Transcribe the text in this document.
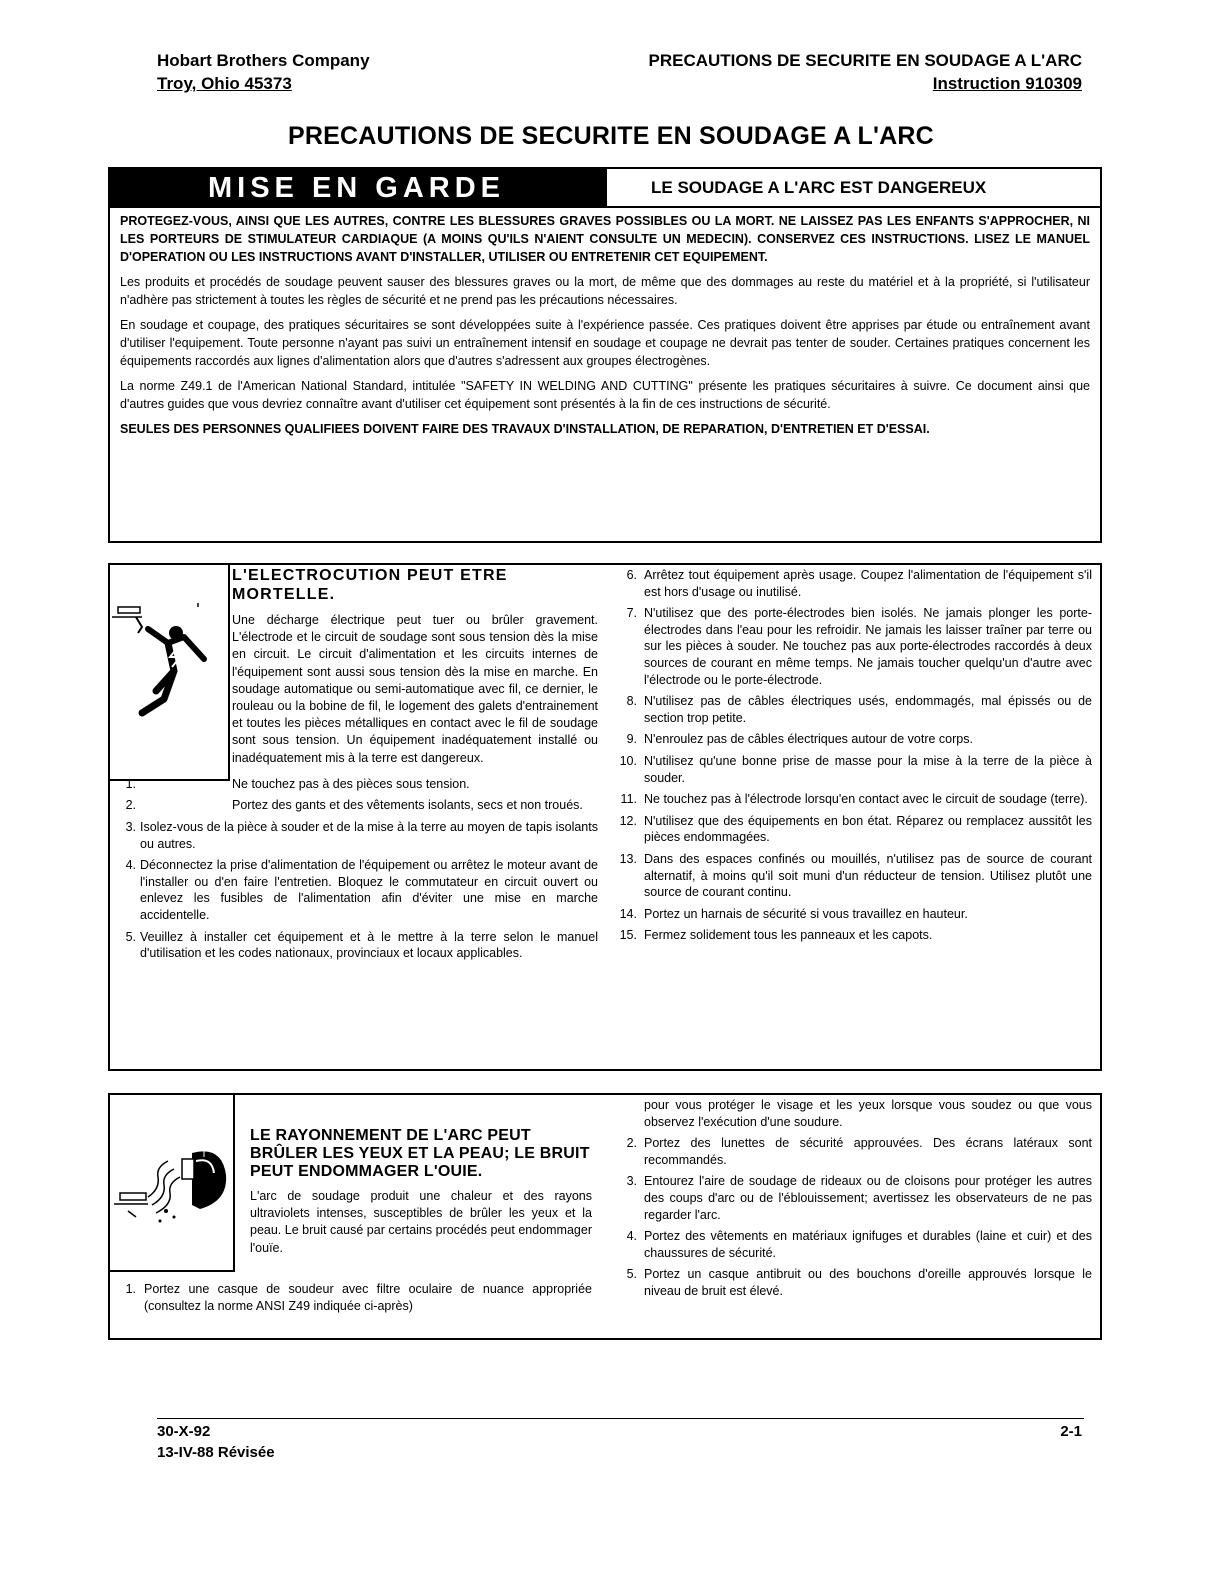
Hobart Brothers Company
Troy, Ohio 45373
PRECAUTIONS DE SECURITE EN SOUDAGE A L'ARC
Instruction 910309
PRECAUTIONS DE SECURITE EN SOUDAGE A L'ARC
MISE EN GARDE	LE SOUDAGE A L'ARC EST DANGEREUX

PROTEGEZ-VOUS, AINSI QUE LES AUTRES, CONTRE LES BLESSURES GRAVES POSSIBLES OU LA MORT. NE LAISSEZ PAS LES ENFANTS S'APPROCHER, NI LES PORTEURS DE STIMULATEUR CARDIAQUE (A MOINS QU'ILS N'AIENT CONSULTE UN MEDECIN). CONSERVEZ CES INSTRUCTIONS. LISEZ LE MANUEL D'OPERATION OU LES INSTRUCTIONS AVANT D'INSTALLER, UTILISER OU ENTRETENIR CET EQUIPEMENT.

Les produits et procédés de soudage peuvent sauser des blessures graves ou la mort, de même que des dommages au reste du matériel et à la propriété, si l'utilisateur n'adhère pas strictement à toutes les règles de sécurité et ne prend pas les précautions nécessaires.

En soudage et coupage, des pratiques sécuritaires se sont développées suite à l'expérience passée. Ces pratiques doivent être apprises par étude ou entraînement avant d'utiliser l'equipement. Toute personne n'ayant pas suivi un entraînement intensif en soudage et coupage ne devrait pas tenter de souder. Certaines pratiques concernent les équipements raccordés aux lignes d'alimentation alors que d'autres s'adressent aux groupes électrogènes.

La norme Z49.1 de l'American National Standard, intitulée "SAFETY IN WELDING AND CUTTING" présente les pratiques sécuritaires à suivre. Ce document ainsi que d'autres guides que vous devriez connaître avant d'utiliser cet équipement sont présentés à la fin de ces instructions de sécurité.

SEULES DES PERSONNES QUALIFIEES DOIVENT FAIRE DES TRAVAUX D'INSTALLATION, DE REPARATION, D'ENTRETIEN ET D'ESSAI.

L'ELECTROCUTION PEUT ETRE MORTELLE.
Une décharge électrique peut tuer ou brûler gravement. L'électrode et le circuit de soudage sont sous tension dès la mise en circuit. Le circuit d'alimentation et les circuits internes de l'équipement sont aussi sous tension dès la mise en marche. En soudage automatique ou semi-automatique avec fil, ce dernier, le rouleau ou la bobine de fil, le logement des galets d'entrainement et toutes les pièces métalliques en contact avec le fil de soudage sont sous tension. Un équipement inadéquatement installé ou inadéquatement mis à la terre est dangereux.
1.	Ne touchez pas à des pièces sous tension.
2.	Portez des gants et des vêtements isolants, secs et non troués.
3. Isolez-vous de la pièce à souder et de la mise à la terre au moyen de tapis isolants ou autres.
4. Déconnectez la prise d'alimentation de l'équipement ou arrêtez le moteur avant de l'installer ou d'en faire l'entretien. Bloquez le commutateur en circuit ouvert ou enlevez les fusibles de l'alimentation afin d'éviter une mise en marche accidentelle.
5. Veuillez à installer cet équipement et à le mettre à la terre selon le manuel d'utilisation et les codes nationaux, provinciaux et locaux applicables.
6. Arrêtez tout équipement après usage. Coupez l'alimentation de l'équipement s'il est hors d'usage ou inutilisé.
7. N'utilisez que des porte-électrodes bien isolés. Ne jamais plonger les porte-électrodes dans l'eau pour les refroidir. Ne jamais les laisser traîner par terre ou sur les pièces à souder. Ne touchez pas aux porte-électrodes raccordés à deux sources de courant en même temps. Ne jamais toucher quelqu'un d'autre avec l'électrode ou le porte-électrode.
8. N'utilisez pas de câbles électriques usés, endommagés, mal épissés ou de section trop petite.
9. N'enroulez pas de câbles électriques autour de votre corps.
10. N'utilisez qu'une bonne prise de masse pour la mise à la terre de la pièce à souder.
11. Ne touchez pas à l'électrode lorsqu'en contact avec le circuit de soudage (terre).
12. N'utilisez que des équipements en bon état. Réparez ou remplacez aussitôt les pièces endommagées.
13. Dans des espaces confinés ou mouillés, n'utilisez pas de source de courant alternatif, à moins qu'il soit muni d'un réducteur de tension. Utilisez plutôt une source de courant continu.
14. Portez un harnais de sécurité si vous travaillez en hauteur.
15. Fermez solidement tous les panneaux et les capots.
LE RAYONNEMENT DE L'ARC PEUT BRÛLER LES YEUX ET LA PEAU; LE BRUIT PEUT ENDOMMAGER L'OUIE.
L'arc de soudage produit une chaleur et des rayons ultraviolets intenses, susceptibles de brûler les yeux et la peau. Le bruit causé par certains procédés peut endommager l'ouïe.
1. Portez une casque de soudeur avec filtre oculaire de nuance appropriée (consultez la norme ANSI Z49 indiquée ci-après)
pour vous protéger le visage et les yeux lorsque vous soudez ou que vous observez l'exécution d'une soudure.
2. Portez des lunettes de sécurité approuvées. Des écrans latéraux sont recommandés.
3. Entourez l'aire de soudage de rideaux ou de cloisons pour protéger les autres des coups d'arc ou de l'éblouissement; avertissez les observateurs de ne pas regarder l'arc.
4. Portez des vêtements en matériaux ignifuges et durables (laine et cuir) et des chaussures de sécurité.
5. Portez un casque antibruit ou des bouchons d'oreille approuvés lorsque le niveau de bruit est élevé.
30-X-92
13-IV-88 Révisée
2-1
